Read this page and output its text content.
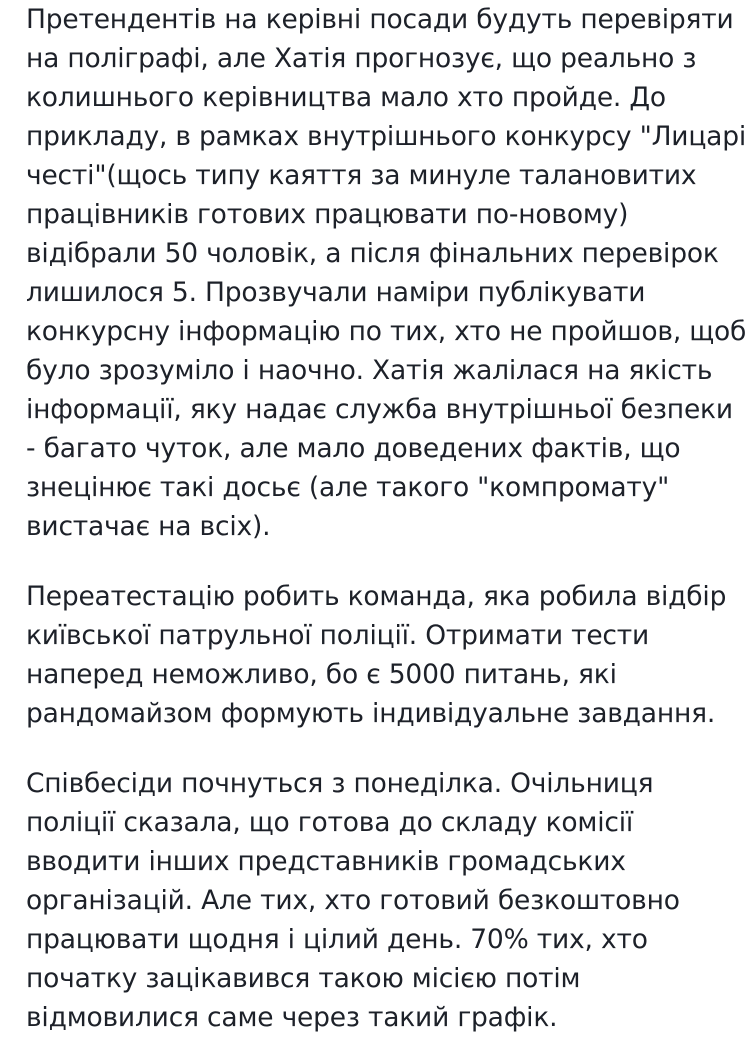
Претендентів на керівні посади будуть перевіряти
на поліграфі, але Хатія прогнозує, що реально з
колишнього керівництва мало хто пройде. До
прикладу, в рамках внутрішнього конкурсу "Лицарі
честі"(щось типу каяття за минуле талановитих
працівників готових працювати по-новому)
відібрали 50 чоловік, а після фінальних перевірок
лишилося 5. Прозвучали наміри публікувати
конкурсну інформацію по тих, хто не пройшов, щоб
було зрозуміло і наочно. Хатія жалілася на якість
інформації, яку надає служба внутрішньої безпеки
- багато чуток, але мало доведених фактів, що
знецінює такі досьє (але такого "компромату"
вистачає на всіх).
Переатестацію робить команда, яка робила відбір
київської патрульної поліції. Отримати тести
наперед неможливо, бо є 5000 питань, які
рандомайзом формують індивідуальне завдання.
Співбесіди почнуться з понеділка. Очільниця
поліції сказала, що готова до складу комісії
вводити інших представників громадських
організацій. Але тих, хто готовий безкоштовно
працювати щодня і цілий день. 70% тих, хто
початку зацікавився такою місією потім
відмовилися саме через такий графік.
